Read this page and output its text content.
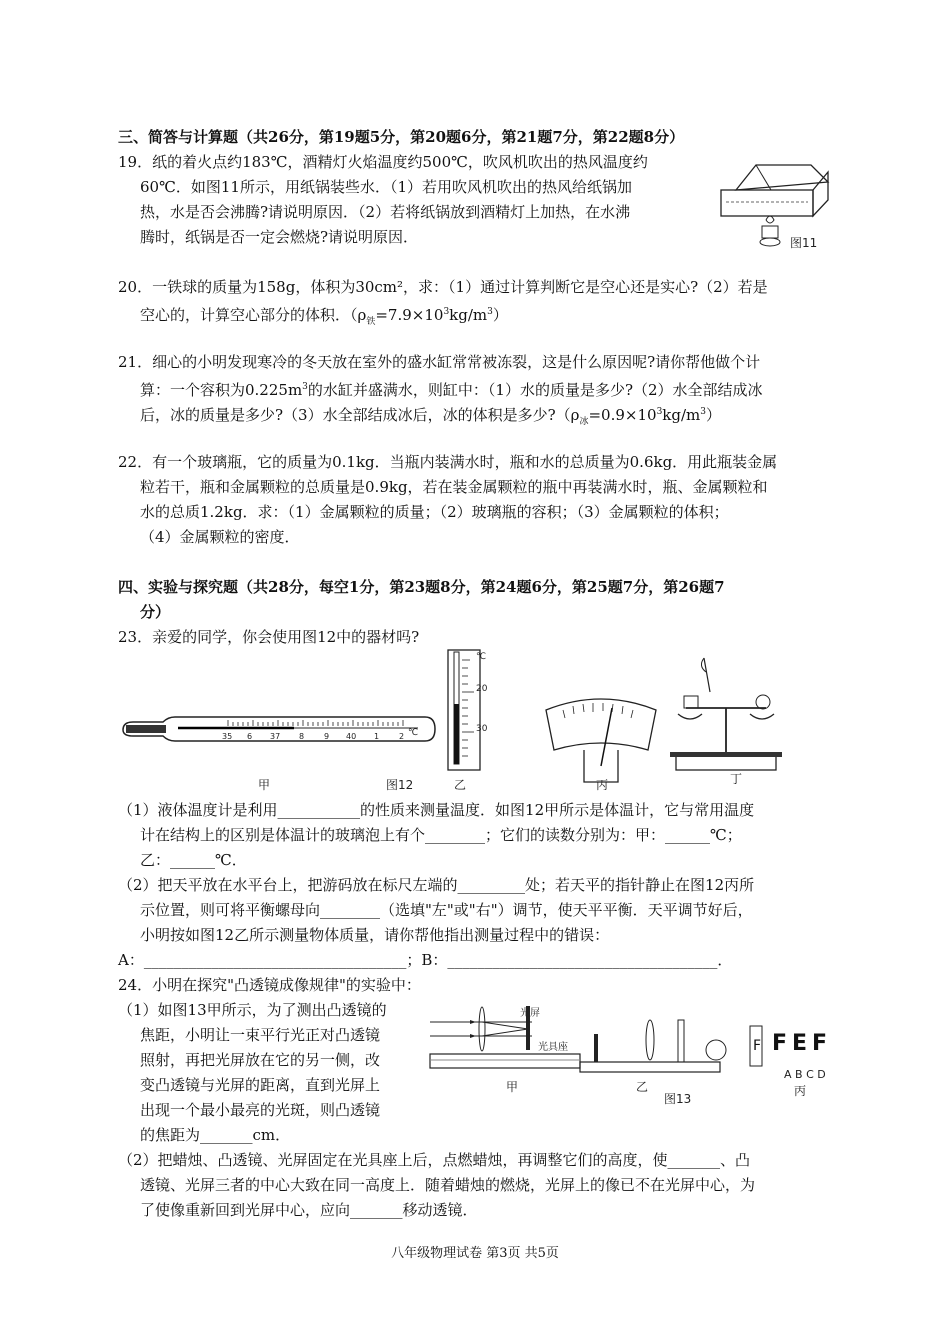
三、简答与计算题（共26分，第19题5分，第20题6分，第21题7分，第22题8分）
19．纸的着火点约183℃，酒精灯火焰温度约500℃，吹风机吹出的热风温度约
60℃．如图11所示，用纸锅装些水．（1）若用吹风机吹出的热风给纸锅加
热，水是否会沸腾?请说明原因．（2）若将纸锅放到酒精灯上加热，在水沸
腾时，纸锅是否一定会燃烧?请说明原因．	图11
20．一铁球的质量为158g，体积为30cm²，求：（1）通过计算判断它是空心还是实心?（2）若是
空心的，计算空心部分的体积．$(\rho_铁=7.9\times 10^3kg/m^3)$
21．细心的小明发现寒冷的冬天放在室外的盛水缸常常被冻裂，这是什么原因呢?请你帮他做个计
算：一个容积为$0.225m^3$的水缸并盛满水，则缸中：（1）水的质量是多少?（2）水全部结成冰
后，冰的质量是多少?（3）水全部结成冰后，冰的体积是多少$?(\rho_冰=0.9\times 10^3kg/m^3)$
22．有一个玻璃瓶，它的质量为0.1kg．当瓶内装满水时，瓶和水的总质量为0.6kg．用此瓶装金属
粒若干，瓶和金属颗粒的总质量是0.9kg，若在装金属颗粒的瓶中再装满水时，瓶、金属颗粒和
水的总质1.2kg．求：（1）金属颗粒的质量；（2）玻璃瓶的容积；（3）金属颗粒的体积；
（4）金属颗粒的密度．
四、实验与探究题（共28分，每空1分，第23题8分，第24题6分，第25题7分，第26题7
分）
23．亲爱的同学，你会使用图12中的器材吗?
甲	图12	乙	丙	丁
35 6 37 8 9 40 1 2 ℃
℃
20
30
（1）液体温度计是利用___________的性质来测量温度．如图12甲所示是体温计，它与常用温度
计在结构上的区别是体温计的玻璃泡上有个________；它们的读数分别为：甲：______℃；
乙：______℃．
（2）把天平放在水平台上，把游码放在标尺左端的_________处；若天平的指针静止在图12丙所
示位置，则可将平衡螺母向________（选填"左"或"右"）调节，使天平平衡．天平调节好后，
小明按如图12乙所示测量物体质量，请你帮他指出测量过程中的错误：
A：___________________________________；B：____________________________________．
24．小明在探究"凸透镜成像规律"的实验中：
（1）如图13甲所示，为了测出凸透镜的
焦距，小明让一束平行光正对凸透镜
照射，再把光屏放在它的另一侧，改
变凸透镜与光屏的距离，直到光屏上
出现一个最小最亮的光斑，则凸透镜
的焦距为_______cm．
F F E F
光屏
光具座
甲	乙
图13
A B C D
丙
（2）把蜡烛、凸透镜、光屏固定在光具座上后，点燃蜡烛，再调整它们的高度，使_______、凸
透镜、光屏三者的中心大致在同一高度上．随着蜡烛的燃烧，光屏上的像已不在光屏中心，为
了使像重新回到光屏中心，应向_______移动透镜．
八年级物理试卷 第3页 共5页
